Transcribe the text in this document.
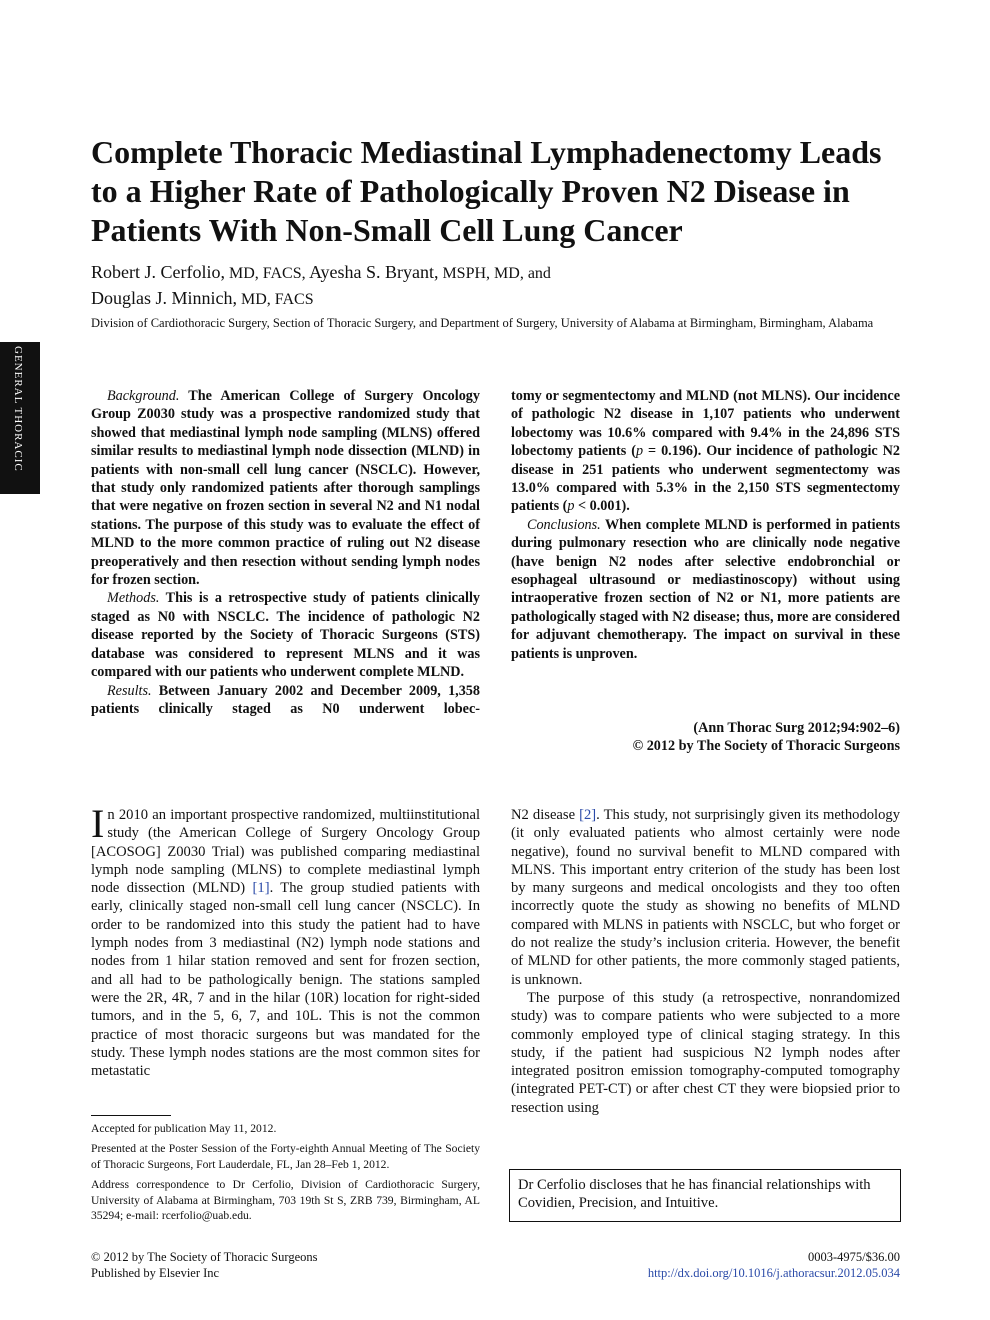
GENERAL THORACIC
Complete Thoracic Mediastinal Lymphadenectomy Leads to a Higher Rate of Pathologically Proven N2 Disease in Patients With Non-Small Cell Lung Cancer
Robert J. Cerfolio, MD, FACS, Ayesha S. Bryant, MSPH, MD, and
Douglas J. Minnich, MD, FACS
Division of Cardiothoracic Surgery, Section of Thoracic Surgery, and Department of Surgery, University of Alabama at Birmingham, Birmingham, Alabama

Background. The American College of Surgery Oncology Group Z0030 study was a prospective randomized study that showed that mediastinal lymph node sampling (MLNS) offered similar results to mediastinal lymph node dissection (MLND) in patients with non-small cell lung cancer (NSCLC). However, that study only randomized patients after thorough samplings that were negative on frozen section in several N2 and N1 nodal stations. The purpose of this study was to evaluate the effect of MLND to the more common practice of ruling out N2 disease preoperatively and then resection without sending lymph nodes for frozen section.

Methods. This is a retrospective study of patients clinically staged as N0 with NSCLC. The incidence of pathologic N2 disease reported by the Society of Thoracic Surgeons (STS) database was considered to represent MLNS and it was compared with our patients who underwent complete MLND.

Results. Between January 2002 and December 2009, 1,358 patients clinically staged as N0 underwent lobec-

tomy or segmentectomy and MLND (not MLNS). Our incidence of pathologic N2 disease in 1,107 patients who underwent lobectomy was 10.6% compared with 9.4% in the 24,896 STS lobectomy patients (p = 0.196). Our incidence of pathologic N2 disease in 251 patients who underwent segmentectomy was 13.0% compared with 5.3% in the 2,150 STS segmentectomy patients (p < 0.001).

Conclusions. When complete MLND is performed in patients during pulmonary resection who are clinically node negative (have benign N2 nodes after selective endobronchial or esophageal ultrasound or mediastinoscopy) without using intraoperative frozen section of N2 or N1, more patients are pathologically staged with N2 disease; thus, more are considered for adjuvant chemotherapy. The impact on survival in these patients is unproven.

(Ann Thorac Surg 2012;94:902–6)
© 2012 by The Society of Thoracic Surgeons

In 2010 an important prospective randomized, multiinstitutional study (the American College of Surgery Oncology Group [ACOSOG] Z0030 Trial) was published comparing mediastinal lymph node sampling (MLNS) to complete mediastinal lymph node dissection (MLND) [1]. The group studied patients with early, clinically staged non-small cell lung cancer (NSCLC). In order to be randomized into this study the patient had to have lymph nodes from 3 mediastinal (N2) lymph node stations and nodes from 1 hilar station removed and sent for frozen section, and all had to be pathologically benign. The stations sampled were the 2R, 4R, 7 and in the hilar (10R) location for right-sided tumors, and in the 5, 6, 7, and 10L. This is not the common practice of most thoracic surgeons but was mandated for the study. These lymph nodes stations are the most common sites for metastatic

N2 disease [2]. This study, not surprisingly given its methodology (it only evaluated patients who almost certainly were node negative), found no survival benefit to MLND compared with MLNS. This important entry criterion of the study has been lost by many surgeons and medical oncologists and they too often incorrectly quote the study as showing no benefits of MLND compared with MLNS in patients with NSCLC, but who forget or do not realize the study’s inclusion criteria. However, the benefit of MLND for other patients, the more commonly staged patients, is unknown.

The purpose of this study (a retrospective, nonrandomized study) was to compare patients who were subjected to a more commonly employed type of clinical staging strategy. In this study, if the patient had suspicious N2 lymph nodes after integrated positron emission tomography-computed tomography (integrated PET-CT) or after chest CT they were biopsied prior to resection using

Accepted for publication May 11, 2012.

Presented at the Poster Session of the Forty-eighth Annual Meeting of The Society of Thoracic Surgeons, Fort Lauderdale, FL, Jan 28–Feb 1, 2012.

Address correspondence to Dr Cerfolio, Division of Cardiothoracic Surgery, University of Alabama at Birmingham, 703 19th St S, ZRB 739, Birmingham, AL 35294; e-mail: rcerfolio@uab.edu.

Dr Cerfolio discloses that he has financial relationships with Covidien, Precision, and Intuitive.
© 2012 by The Society of Thoracic Surgeons
Published by Elsevier Inc
0003-4975/$36.00
http://dx.doi.org/10.1016/j.athoracsur.2012.05.034
